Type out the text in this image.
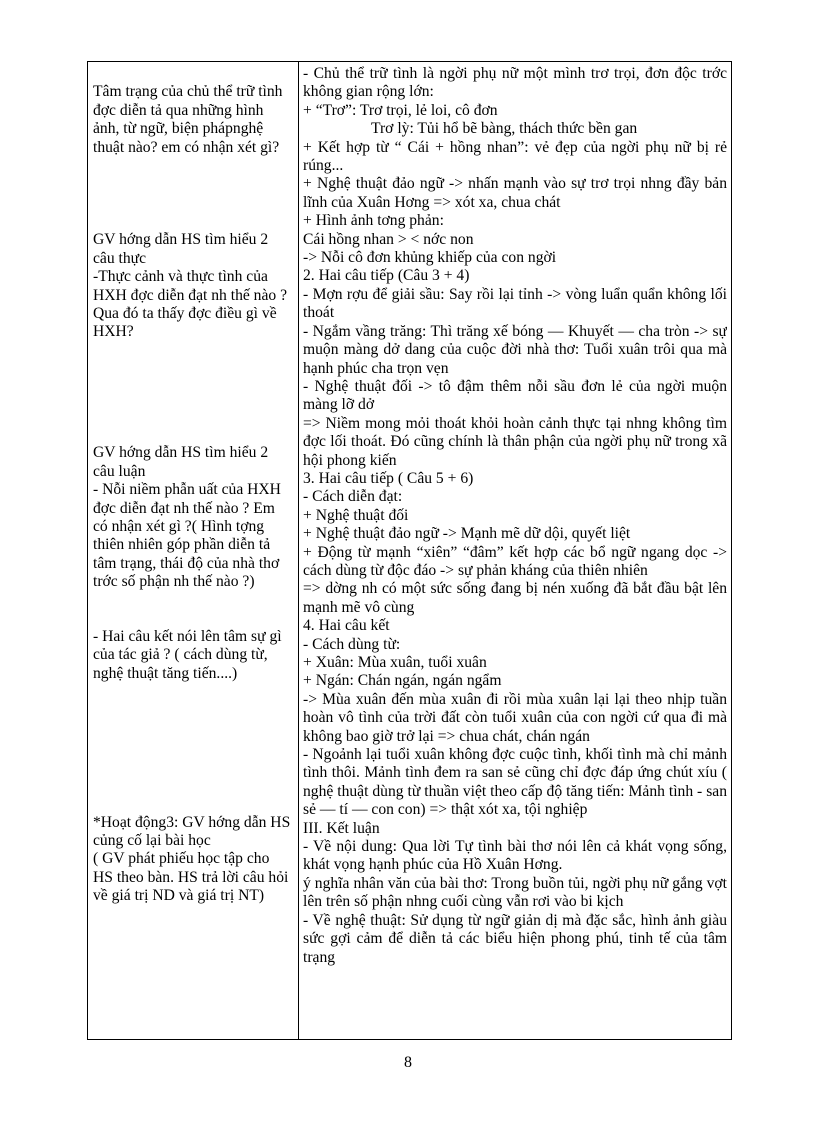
Tâm trạng của chủ thể trữ tình đợc diễn tả qua những hình ảnh, từ ngữ, biện phápnghệ thuật nào? em có nhận xét gì?

GV hớng dẫn HS tìm hiểu 2 câu thực
-Thực cảnh và thực tình của HXH đợc diễn đạt nh thế nào ? Qua đó ta thấy đợc điều gì về HXH?

GV hớng dẫn HS tìm hiểu 2 câu luận
- Nỗi niềm phẫn uất của HXH đợc diễn đạt nh thế nào ? Em có nhận xét gì ?( Hình tợng thiên nhiên góp phần diễn tả tâm trạng, thái độ của nhà thơ trớc số phận nh thế nào ?)

- Hai câu kết nói lên tâm sự gì của tác giả ? ( cách dùng từ, nghệ thuật tăng tiến....)

*Hoạt động3: GV hớng dẫn HS củng cố lại bài học
( GV phát phiếu học tập cho HS theo bàn. HS trả lời câu hỏi về giá trị ND và giá trị NT)

- Chủ thể trữ tình là ngời phụ nữ một mình trơ trọi, đơn độc trớc không gian rộng lớn:

+ “Trơ”: Trơ trọi, lẻ loi, cô đơn

Trơ lỳ: Tủi hổ bẽ bàng, thách thức bền gan

+ Kết hợp từ “ Cái + hồng nhan”: vẻ đẹp của ngời phụ nữ bị rẻ rúng...

+ Nghệ thuật đảo ngữ -> nhấn mạnh vào sự trơ trọi nhng đầy bản lĩnh của Xuân Hơng => xót xa, chua chát

+ Hình ảnh tơng phản:

Cái hồng nhan > < nớc non

-> Nỗi cô đơn khủng khiếp của con ngời

2. Hai câu tiếp (Câu 3 + 4)

- Mợn rợu để giải sầu: Say rồi lại tỉnh -> vòng luẩn quẩn không lối thoát

- Ngắm vầng trăng: Thì trăng xế bóng — Khuyết — cha tròn -> sự muộn màng dở dang của cuộc đời nhà thơ: Tuổi xuân trôi qua mà hạnh phúc cha trọn vẹn

- Nghệ thuật đối -> tô đậm thêm nỗi sầu đơn lẻ của ngời muộn màng lỡ dở

=> Niềm mong mỏi thoát khỏi hoàn cảnh thực tại nhng không tìm đợc lối thoát. Đó cũng chính là thân phận của ngời phụ nữ trong xã hội phong kiến

3. Hai câu tiếp ( Câu 5 + 6)

- Cách diễn đạt:

+ Nghệ thuật đối

+ Nghệ thuật đảo ngữ -> Mạnh mẽ dữ dội, quyết liệt

+ Động từ mạnh “xiên” “đâm” kết hợp các bổ ngữ ngang dọc -> cách dùng từ độc đáo -> sự phản kháng của thiên nhiên

=> dờng nh có một sức sống đang bị nén xuống đã bắt đầu bật lên mạnh mẽ vô cùng

4. Hai câu kết

- Cách dùng từ:

+ Xuân: Mùa xuân, tuổi xuân

+ Ngán: Chán ngán, ngán ngẩm

-> Mùa xuân đến mùa xuân đi rồi mùa xuân lại lại theo nhịp tuần hoàn vô tình của trời đất còn tuổi xuân của con ngời cứ qua đi mà không bao giờ trở lại => chua chát, chán ngán

- Ngoảnh lại tuổi xuân không đợc cuộc tình, khối tình mà chỉ mảnh tình thôi. Mảnh tình đem ra san sẻ cũng chỉ đợc đáp ứng chút xíu ( nghệ thuật dùng từ thuần việt theo cấp độ tăng tiến: Mảnh tình - san sẻ — tí — con con) => thật xót xa, tội nghiệp

III. Kết luận

- Về nội dung: Qua lời Tự tình bài thơ nói lên cả khát vọng sống, khát vọng hạnh phúc của Hồ Xuân Hơng.

ý nghĩa nhân văn của bài thơ: Trong buồn tủi, ngời phụ nữ gắng vợt lên trên số phận nhng cuối cùng vẫn rơi vào bi kịch

- Về nghệ thuật: Sử dụng từ ngữ giản dị mà đặc sắc, hình ảnh giàu sức gợi cảm để diễn tả các biểu hiện phong phú, tinh tế của tâm trạng

8
